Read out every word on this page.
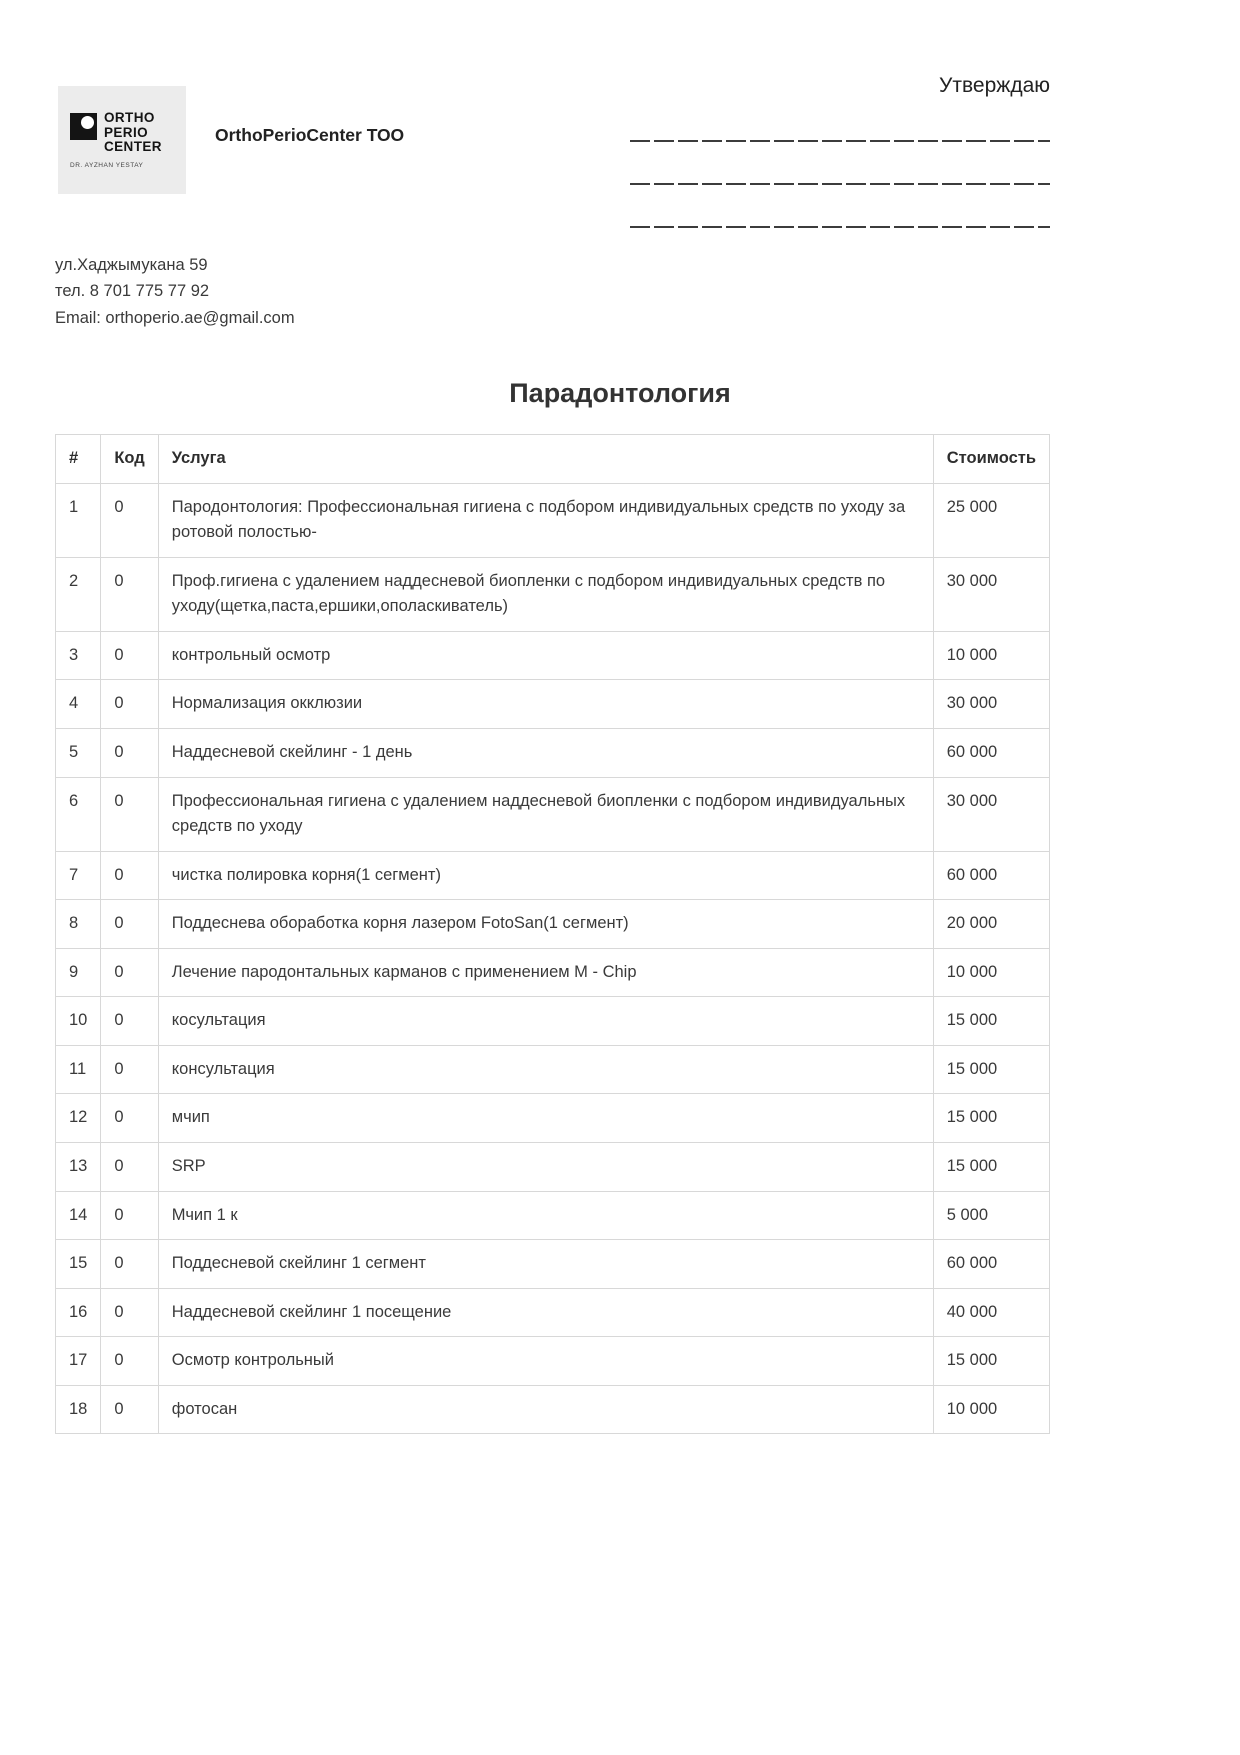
Утверждаю
ORTHO
PERIO
CENTER
DR. AYZHAN YESTAY
OrthoPerioCenter ТОО
ул.Хаджымукана 59
тел. 8 701 775 77 92
Email: orthoperio.ae@gmail.com
Парадонтология
#	Код	Услуга	Стоимость
1	0	Пародонтология: Профессиональная гигиена с подбором индивидуальных средств по уходу за ротовой полостью-	25 000
2	0	Проф.гигиена с удалением наддесневой биопленки с подбором индивидуальных средств по уходу(щетка,паста,ершики,ополаскиватель)	30 000
3	0	контрольный осмотр	10 000
4	0	Нормализация окклюзии	30 000
5	0	Наддесневой скейлинг - 1 день	60 000
6	0	Профессиональная гигиена с удалением наддесневой биопленки с подбором индивидуальных средств по уходу	30 000
7	0	чистка полировка корня(1 сегмент)	60 000
8	0	Поддеснева обоработка корня лазером FotoSan(1 сегмент)	20 000
9	0	Лечение пародонтальных карманов с применением M - Chip	10 000
10	0	косультация	15 000
11	0	консультация	15 000
12	0	мчип	15 000
13	0	SRP	15 000
14	0	Мчип 1 к	5 000
15	0	Поддесневой скейлинг 1 сегмент	60 000
16	0	Наддесневой скейлинг 1 посещение	40 000
17	0	Осмотр контрольный	15 000
18	0	фотосан	10 000
